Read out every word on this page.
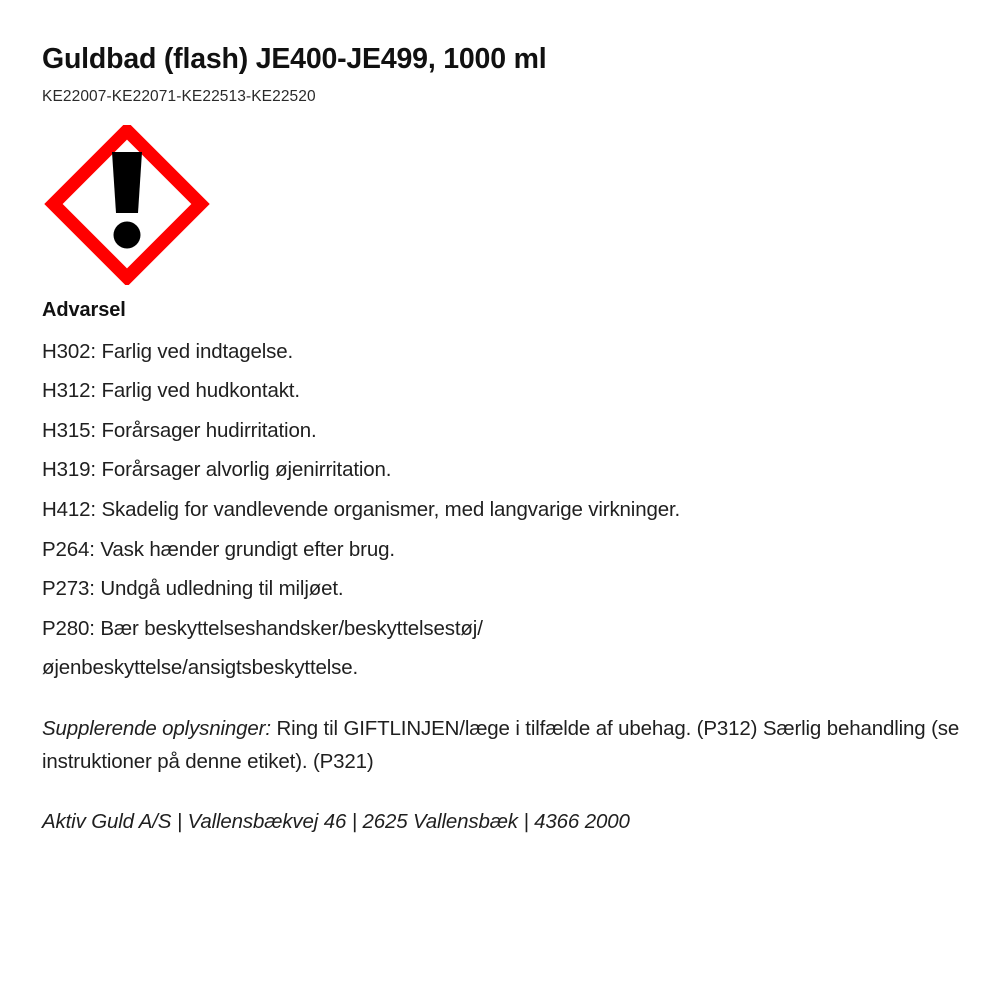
Guldbad (flash) JE400-JE499, 1000 ml
KE22007-KE22071-KE22513-KE22520
Advarsel
H302: Farlig ved indtagelse.
H312: Farlig ved hudkontakt.
H315: Forårsager hudirritation.
H319: Forårsager alvorlig øjenirritation.
H412: Skadelig for vandlevende organismer, med langvarige virkninger.
P264: Vask hænder grundigt efter brug.
P273: Undgå udledning til miljøet.
P280: Bær beskyttelseshandsker/beskyttelsestøj/
øjenbeskyttelse/ansigtsbeskyttelse.

Supplerende oplysninger: Ring til GIFTLINJEN/læge i tilfælde af ubehag. (P312) Særlig behandling (se instruktioner på denne etiket). (P321)

Aktiv Guld A/S | Vallensbækvej 46 | 2625 Vallensbæk | 4366 2000
